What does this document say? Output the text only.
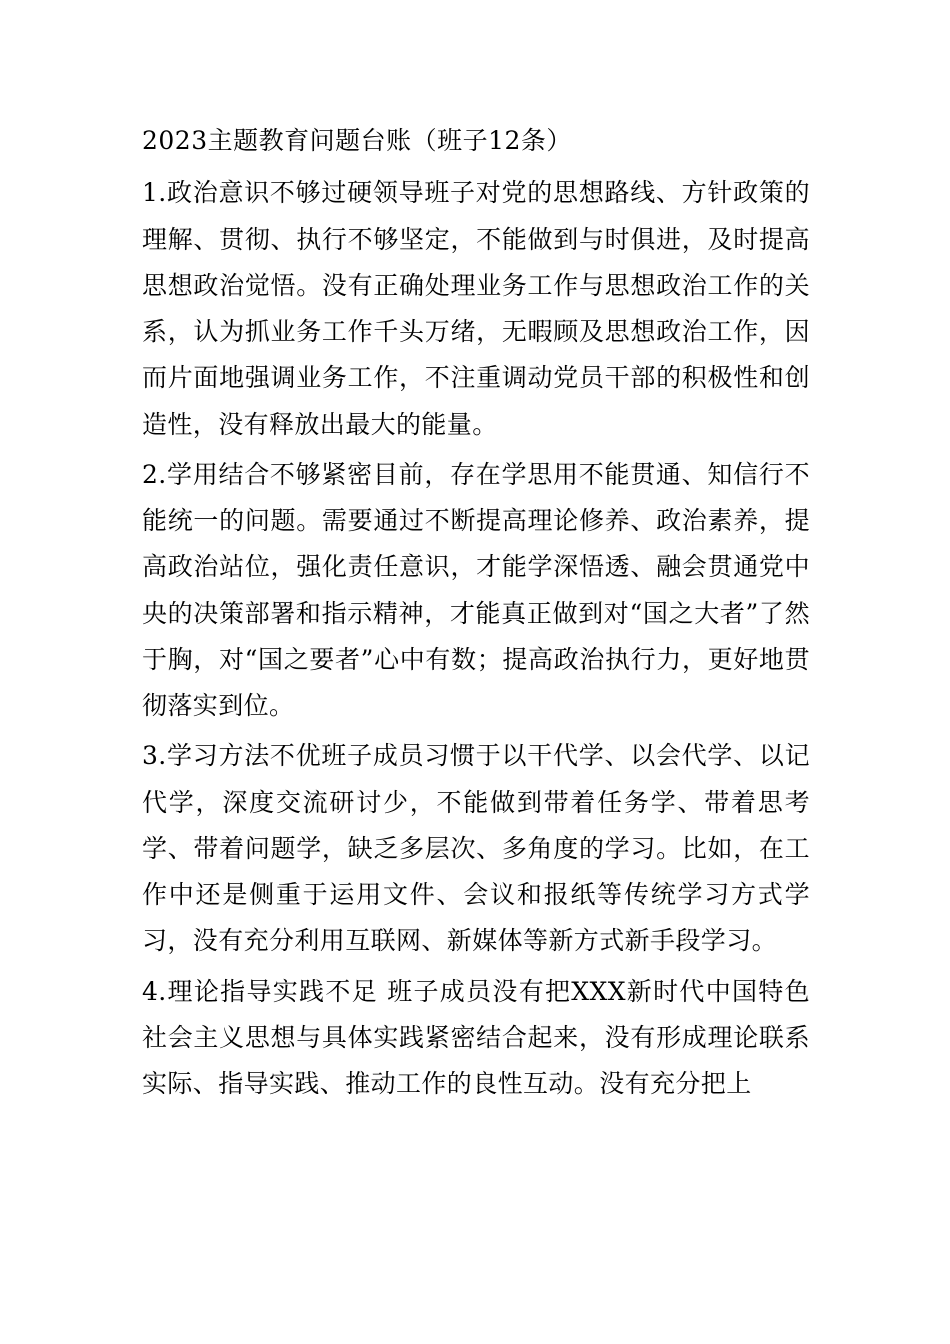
2023主题教育问题台账（班子12条）

1.政治意识不够过硬领导班子对党的思想路线、方针政策的理解、贯彻、执行不够坚定，不能做到与时俱进，及时提高思想政治觉悟。没有正确处理业务工作与思想政治工作的关系，认为抓业务工作千头万绪，无暇顾及思想政治工作，因而片面地强调业务工作，不注重调动党员干部的积极性和创造性，没有释放出最大的能量。

2.学用结合不够紧密目前，存在学思用不能贯通、知信行不能统一的问题。需要通过不断提高理论修养、政治素养，提高政治站位，强化责任意识，才能学深悟透、融会贯通党中央的决策部署和指示精神，才能真正做到对“国之大者”了然于胸，对“国之要者”心中有数；提高政治执行力，更好地贯彻落实到位。

3.学习方法不优班子成员习惯于以干代学、以会代学、以记代学，深度交流研讨少，不能做到带着任务学、带着思考学、带着问题学，缺乏多层次、多角度的学习。比如，在工作中还是侧重于运用文件、会议和报纸等传统学习方式学习，没有充分利用互联网、新媒体等新方式新手段学习。

4.理论指导实践不足 班子成员没有把XXX新时代中国特色社会主义思想与具体实践紧密结合起来，没有形成理论联系实际、指导实践、推动工作的良性互动。没有充分把上
